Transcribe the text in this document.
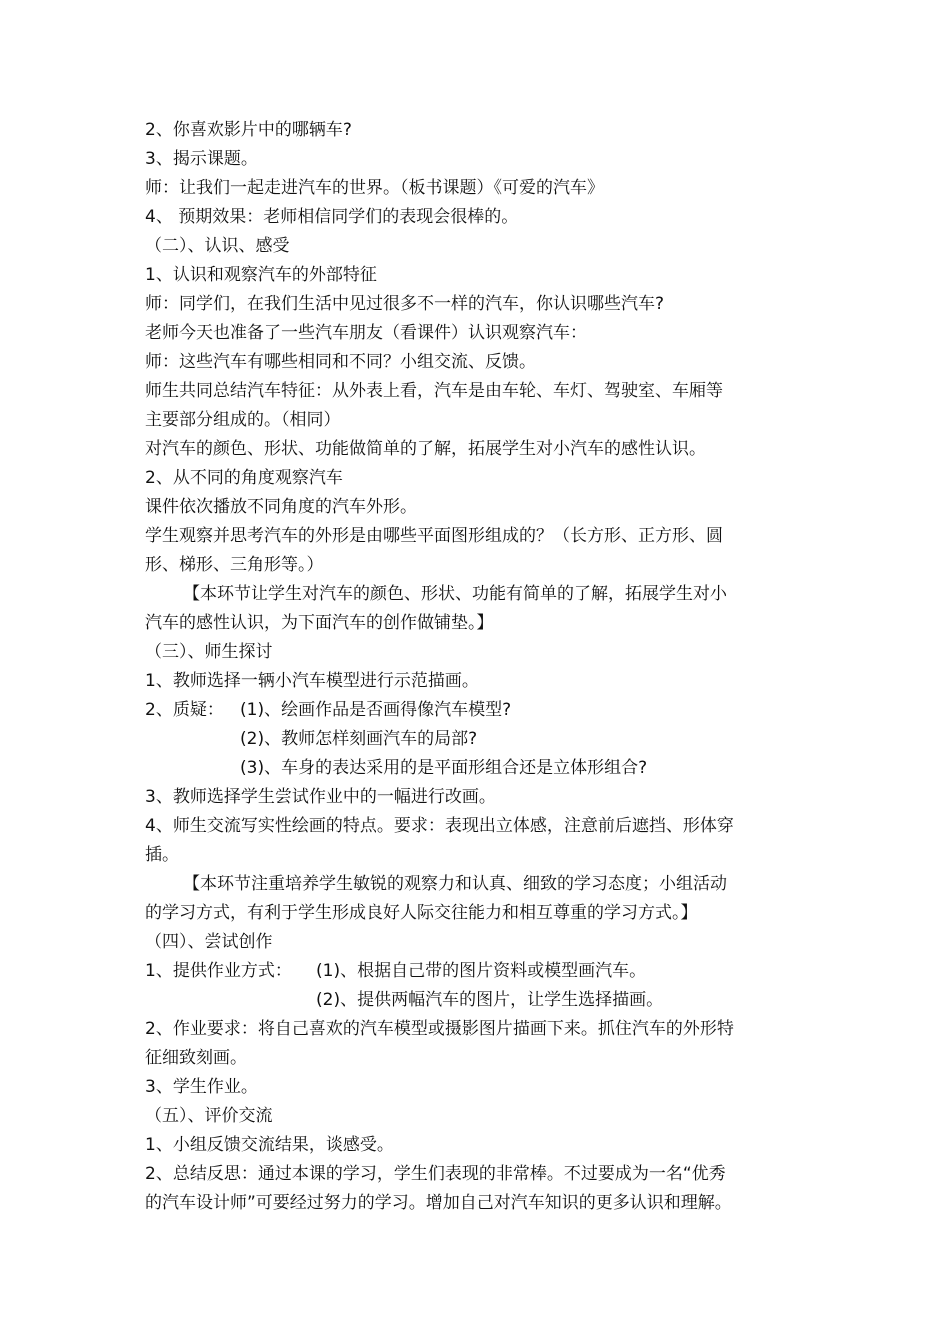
2、你喜欢影片中的哪辆车?
3、揭示课题。
师：让我们一起走进汽车的世界。（板书课题）《可爱的汽车》
4、 预期效果：老师相信同学们的表现会很棒的。
（二）、认识、感受
1、认识和观察汽车的外部特征
师：同学们，在我们生活中见过很多不一样的汽车，你认识哪些汽车?
老师今天也准备了一些汽车朋友（看课件）认识观察汽车：
师：这些汽车有哪些相同和不同？小组交流、反馈。
师生共同总结汽车特征：从外表上看，汽车是由车轮、车灯、驾驶室、车厢等
主要部分组成的。（相同）
对汽车的颜色、形状、功能做简单的了解，拓展学生对小汽车的感性认识。
2、从不同的角度观察汽车
课件依次播放不同角度的汽车外形。
学生观察并思考汽车的外形是由哪些平面图形组成的？（长方形、正方形、圆
形、梯形、三角形等。）
【本环节让学生对汽车的颜色、形状、功能有简单的了解，拓展学生对小
汽车的感性认识，为下面汽车的创作做铺垫。】
（三）、师生探讨
1、教师选择一辆小汽车模型进行示范描画。
2、质疑： (1)、绘画作品是否画得像汽车模型?
(2)、教师怎样刻画汽车的局部?
(3)、车身的表达采用的是平面形组合还是立体形组合?
3、教师选择学生尝试作业中的一幅进行改画。
4、师生交流写实性绘画的特点。要求：表现出立体感，注意前后遮挡、形体穿
插。
【本环节注重培养学生敏锐的观察力和认真、细致的学习态度；小组活动
的学习方式，有利于学生形成良好人际交往能力和相互尊重的学习方式。】
（四）、尝试创作
1、提供作业方式：	(1)、根据自己带的图片资料或模型画汽车。
(2)、提供两幅汽车的图片，让学生选择描画。
2、作业要求：将自己喜欢的汽车模型或摄影图片描画下来。抓住汽车的外形特
征细致刻画。
3、学生作业。
（五）、评价交流
1、小组反馈交流结果，谈感受。
2、总结反思：通过本课的学习，学生们表现的非常棒。不过要成为一名“优秀
的汽车设计师”可要经过努力的学习。增加自己对汽车知识的更多认识和理解。
